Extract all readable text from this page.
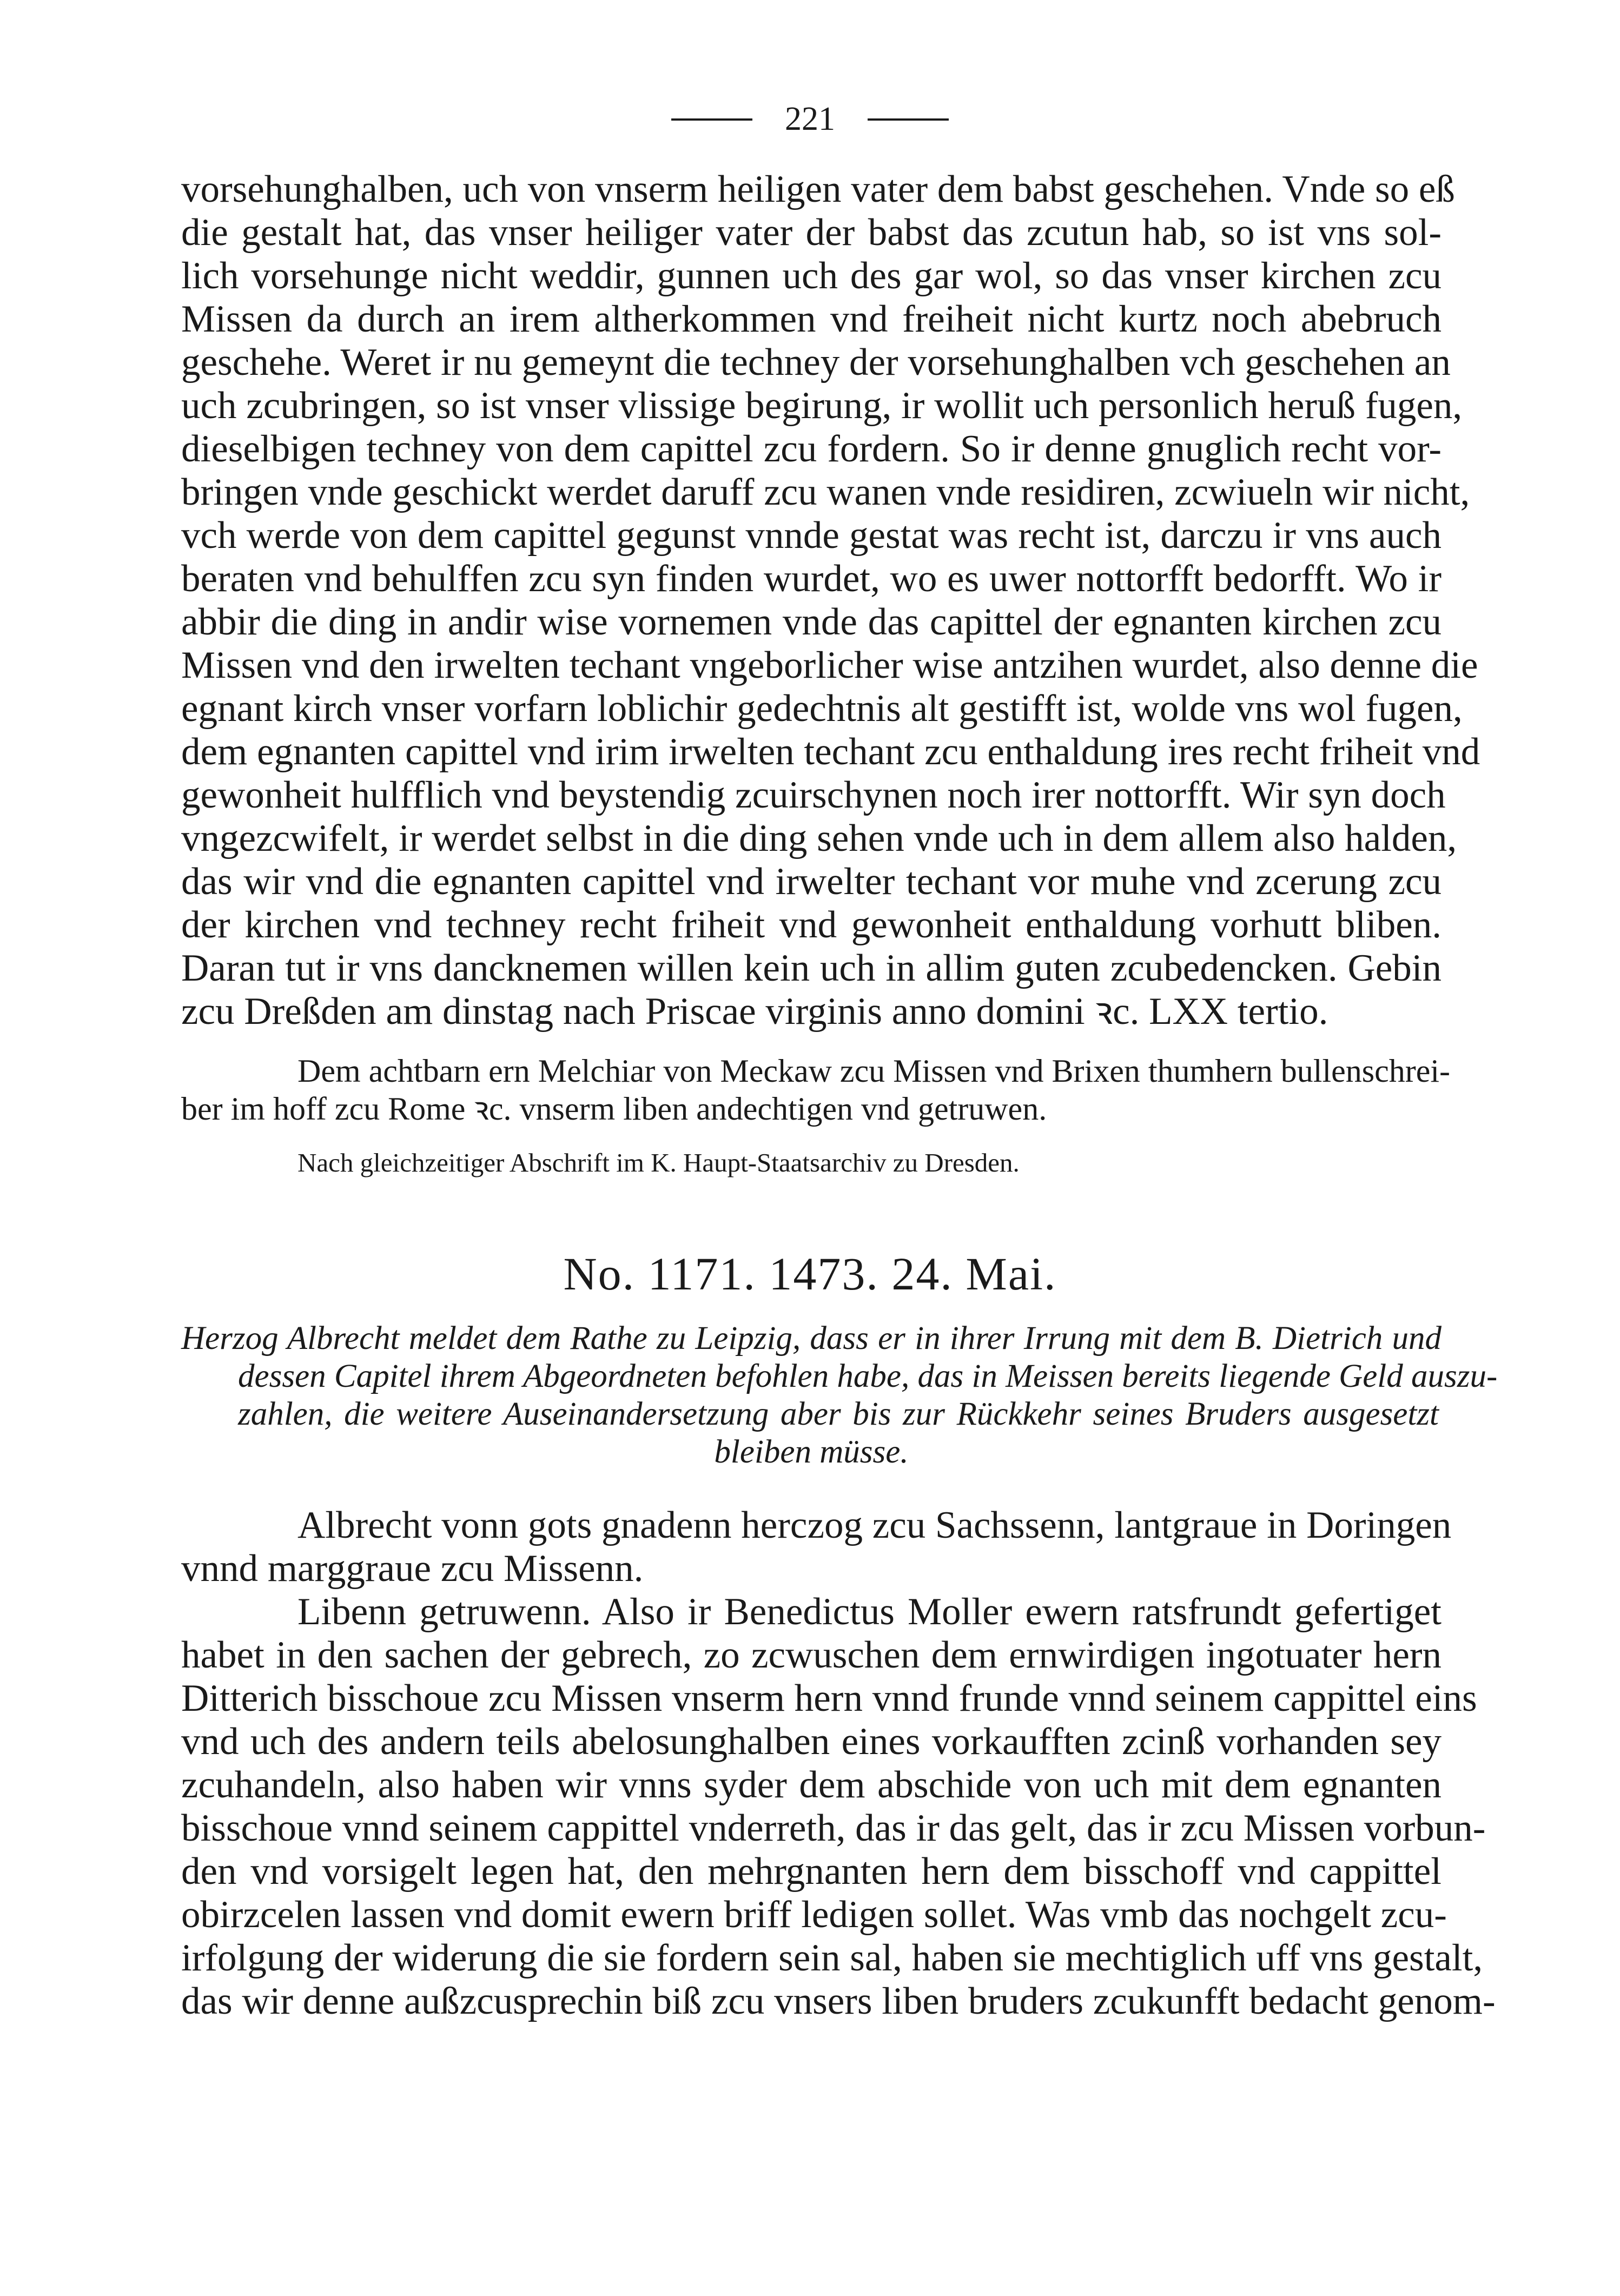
221

vorsehunghalben, uch von vnserm heiligen vater dem babst geschehen. Vnde so eß

die gestalt hat, das vnser heiliger vater der babst das zcutun hab, so ist vns sol-

lich vorsehunge nicht weddir, gunnen uch des gar wol, so das vnser kirchen zcu

Missen da durch an irem altherkommen vnd freiheit nicht kurtz noch abebruch

geschehe. Weret ir nu gemeynt die techney der vorsehunghalben vch geschehen an

uch zcubringen, so ist vnser vlissige begirung, ir wollit uch personlich heruß fugen,

dieselbigen techney von dem capittel zcu fordern. So ir denne gnuglich recht vor-

bringen vnde geschickt werdet daruff zcu wanen vnde residiren, zcwiueln wir nicht,

vch werde von dem capittel gegunst vnnde gestat was recht ist, darczu ir vns auch

beraten vnd behulffen zcu syn finden wurdet, wo es uwer nottorfft bedorfft. Wo ir

abbir die ding in andir wise vornemen vnde das capittel der egnanten kirchen zcu

Missen vnd den irwelten techant vngeborlicher wise antzihen wurdet, also denne die

egnant kirch vnser vorfarn loblichir gedechtnis alt gestifft ist, wolde vns wol fugen,

dem egnanten capittel vnd irim irwelten techant zcu enthaldung ires recht friheit vnd

gewonheit hulfflich vnd beystendig zcuirschynen noch irer nottorfft. Wir syn doch

vngezcwifelt, ir werdet selbst in die ding sehen vnde uch in dem allem also halden,

das wir vnd die egnanten capittel vnd irwelter techant vor muhe vnd zcerung zcu

der kirchen vnd techney recht friheit vnd gewonheit enthaldung vorhutt bliben.

Daran tut ir vns dancknemen willen kein uch in allim guten zcubedencken. Gebin

zcu Dreßden am dinstag nach Priscae virginis anno domini ꝛc. LXX tertio.

Dem achtbarn ern Melchiar von Meckaw zcu Missen vnd Brixen thumhern bullenschrei-

ber im hoff zcu Rome ꝛc. vnserm liben andechtigen vnd getruwen.

Nach gleichzeitiger Abschrift im K. Haupt-Staatsarchiv zu Dresden.

No. 1171. 1473. 24. Mai.

Herzog Albrecht meldet dem Rathe zu Leipzig, dass er in ihrer Irrung mit dem B. Dietrich und

dessen Capitel ihrem Abgeordneten befohlen habe, das in Meissen bereits liegende Geld auszu-

zahlen, die weitere Auseinandersetzung aber bis zur Rückkehr seines Bruders ausgesetzt

bleiben müsse.

Albrecht vonn gots gnadenn herczog zcu Sachssenn, lantgraue in Doringen

vnnd marggraue zcu Missenn.

Libenn getruwenn. Also ir Benedictus Moller ewern ratsfrundt gefertiget

habet in den sachen der gebrech, zo zcwuschen dem ernwirdigen ingotuater hern

Ditterich bisschoue zcu Missen vnserm hern vnnd frunde vnnd seinem cappittel eins

vnd uch des andern teils abelosunghalben eines vorkaufften zcinß vorhanden sey

zcuhandeln, also haben wir vnns syder dem abschide von uch mit dem egnanten

bisschoue vnnd seinem cappittel vnderreth, das ir das gelt, das ir zcu Missen vorbun-

den vnd vorsigelt legen hat, den mehrgnanten hern dem bisschoff vnd cappittel

obirzcelen lassen vnd domit ewern briff ledigen sollet. Was vmb das nochgelt zcu-

irfolgung der widerung die sie fordern sein sal, haben sie mechtiglich uff vns gestalt,

das wir denne außzcusprechin biß zcu vnsers liben bruders zcukunfft bedacht genom-
